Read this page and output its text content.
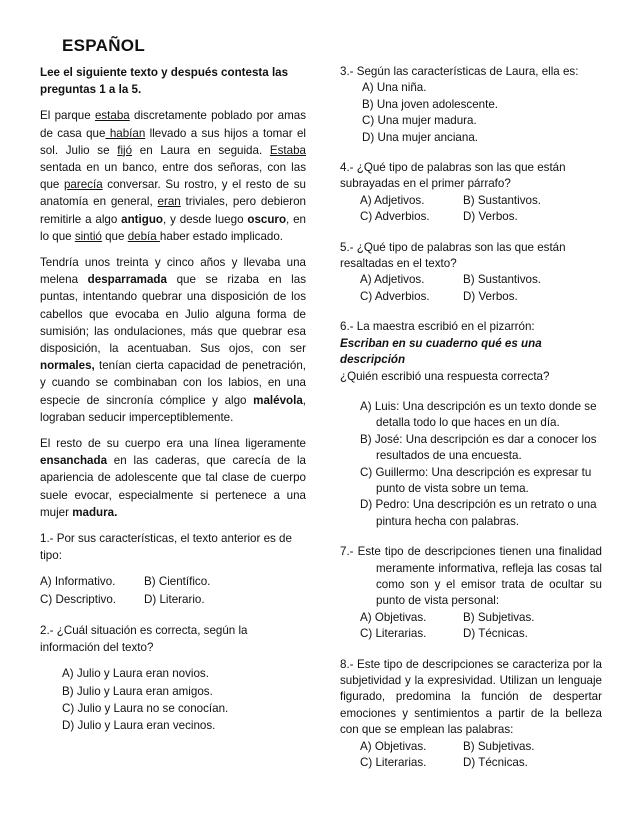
ESPAÑOL

Lee el siguiente texto y después contesta las preguntas 1 a la 5.

El parque estaba discretamente poblado por amas de casa que habían llevado a sus hijos a tomar el sol. Julio se fijó en Laura en seguida. Estaba sentada en un banco, entre dos señoras, con las que parecía conversar. Su rostro, y el resto de su anatomía en general, eran triviales, pero debieron remitirle a algo antiguo, y desde luego oscuro, en lo que sintió que debía haber estado implicado.

Tendría unos treinta y cinco años y llevaba una melena desparramada que se rizaba en las puntas, intentando quebrar una disposición de los cabellos que evocaba en Julio alguna forma de sumisión; las ondulaciones, más que quebrar esa disposición, la acentuaban. Sus ojos, con ser normales, tenían cierta capacidad de penetración, y cuando se combinaban con los labios, en una especie de sincronía cómplice y algo malévola, lograban seducir imperceptiblemente.

El resto de su cuerpo era una línea ligeramente ensanchada en las caderas, que carecía de la apariencia de adolescente que tal clase de cuerpo suele evocar, especialmente si pertenece a una mujer madura.

1.- Por sus características, el texto anterior es de tipo:

A) Informativo.	B) Científico.
C) Descriptivo.	D) Literario.

2.- ¿Cuál situación es correcta, según la información del texto?

A) Julio y Laura eran novios.
B) Julio y Laura eran amigos.
C) Julio y Laura no se conocían.
D) Julio y Laura eran vecinos.

3.- Según las características de Laura, ella es:

A) Una niña.
B) Una joven adolescente.
C) Una mujer madura.
D) Una mujer anciana.

4.- ¿Qué tipo de palabras son las que están subrayadas en el primer párrafo?

A) Adjetivos.	B) Sustantivos.
C) Adverbios.	D) Verbos.

5.- ¿Qué tipo de palabras son las que están resaltadas en el texto?

A) Adjetivos.	B) Sustantivos.
C) Adverbios.	D) Verbos.

6.- La maestra escribió en el pizarrón:

Escriban en su cuaderno qué es una descripción

¿Quién escribió una respuesta correcta?

A) Luis: Una descripción es un texto donde se detalla todo lo que haces en un día.
B) José: Una descripción es dar a conocer los resultados de una encuesta.
C) Guillermo: Una descripción es expresar tu punto de vista sobre un tema.
D) Pedro: Una descripción es un retrato o una pintura hecha con palabras.

7.- Este tipo de descripciones tienen una finalidad meramente informativa, refleja las cosas tal como son y el emisor trata de ocultar su punto de vista personal:

A) Objetivas.	B) Subjetivas.
C) Literarias.	D) Técnicas.

8.- Este tipo de descripciones se caracteriza por la subjetividad y la expresividad. Utilizan un lenguaje figurado, predomina la función de despertar emociones y sentimientos a partir de la belleza con que se emplean las palabras:

A) Objetivas.	B) Subjetivas.
C) Literarias.	D) Técnicas.
